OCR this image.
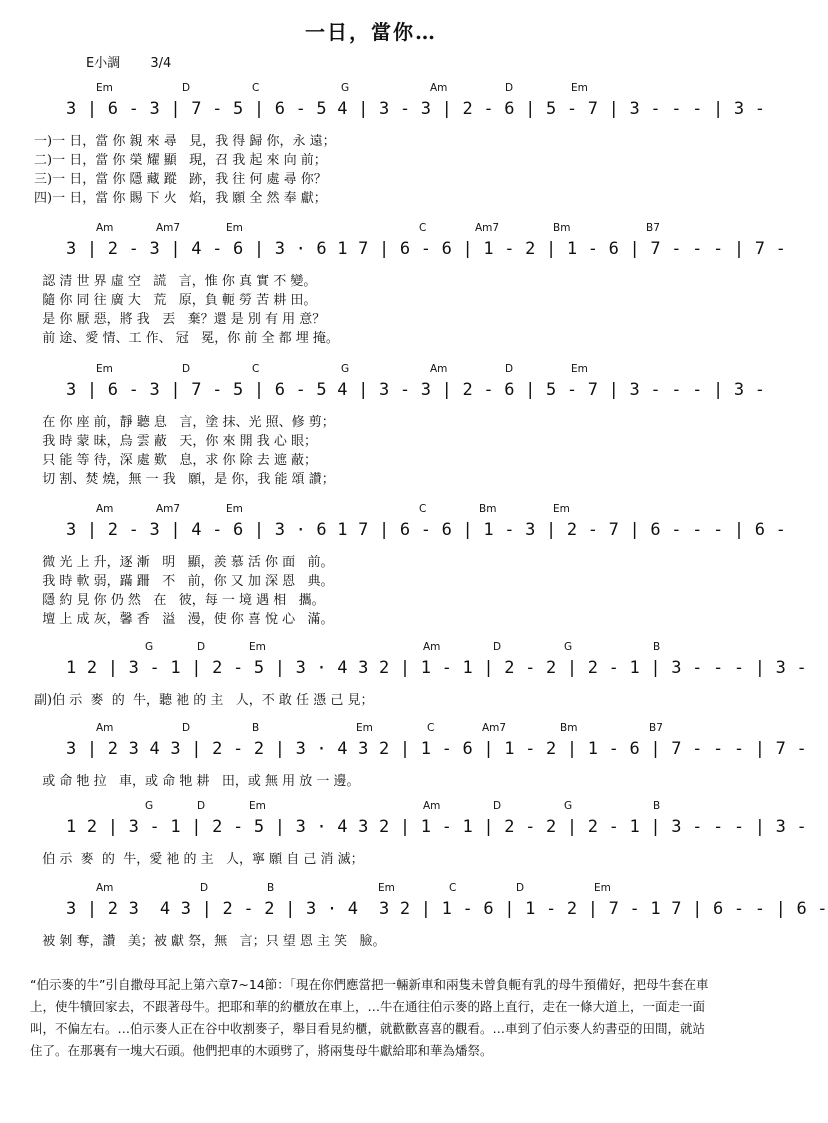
一日，當你…
E小調 3/4
Em	D	C	G	Am	D	Em
3 | 6 - 3 | 7 - 5 | 6 - 5 4 | 3 - 3 | 2 - 6 | 5 - 7 | 3 - - - | 3 -
一)一 日，當 你 親 來 尋   見，我 得 歸 你，永 遠；
二)一 日，當 你 榮 耀 顯   現，召 我 起 來 向 前；
三)一 日，當 你 隱 藏 蹤   跡，我 往 何 處 尋 你？
四)一 日，當 你 賜 下 火   焰，我 願 全 然 奉 獻；
Am	Am7	Em	C	Am7	Bm	B7
3 | 2 - 3 | 4 - 6 | 3 · 6 1 7 | 6 - 6 | 1 - 2 | 1 - 6 | 7 - - - | 7 -
認 清 世 界 虛 空   謊   言，惟 你 真 實 不 變。
隨 你 同 往 廣 大   荒   原，負 軛 勞 苦 耕 田。
是 你 厭 惡，將 我   丟   棄？還 是 別 有 用 意？
前 途、愛 情、工 作、 冠   冕，你 前 全 都 埋 掩。
Em	D	C	G	Am	D	Em
3 | 6 - 3 | 7 - 5 | 6 - 5 4 | 3 - 3 | 2 - 6 | 5 - 7 | 3 - - - | 3 -
在 你 座 前，靜 聽 息   言，塗 抹、光 照、修 剪；
我 時 蒙 昧，烏 雲 蔽   天，你 來 開 我 心 眼；
只 能 等 待，深 處 歎   息，求 你 除 去 遮 蔽；
切 割、焚 燒，無 一 我   願，是 你，我 能 頌 讚；
Am	Am7	Em	C	Bm	Em
3 | 2 - 3 | 4 - 6 | 3 · 6 1 7 | 6 - 6 | 1 - 3 | 2 - 7 | 6 - - - | 6 -
微 光 上 升，逐 漸   明   顯，羨 慕 活 你 面   前。
我 時 軟 弱，蹣 跚   不   前，你 又 加 深 恩   典。
隱 約 見 你 仍 然   在   彼，每 一 境 遇 相   攜。
壇 上 成 灰，馨 香   溢   漫，使 你 喜 悅 心   滿。
G	D	Em	Am	D	G	B
1 2 | 3 - 1 | 2 - 5 | 3 · 4 3 2 | 1 - 1 | 2 - 2 | 2 - 1 | 3 - - - | 3 -
副)伯 示  麥  的  牛，聽 祂 的 主   人，不 敢 任 憑 己 見；
Am	D	B	Em	C	Am7	Bm	B7
3 | 2 3 4 3 | 2 - 2 | 3 · 4 3 2 | 1 - 6 | 1 - 2 | 1 - 6 | 7 - - - | 7 -
或 命 牠 拉   車，或 命 牠 耕   田，或 無 用 放 一 邊。
G	D	Em	Am	D	G	B
1 2 | 3 - 1 | 2 - 5 | 3 · 4 3 2 | 1 - 1 | 2 - 2 | 2 - 1 | 3 - - - | 3 -
伯 示  麥  的  牛，愛 祂 的 主   人，寧 願 自 己 消 滅；
Am	D	B	Em	C	D	Em
3 | 2 3  4 3 | 2 - 2 | 3 · 4  3 2 | 1 - 6 | 1 - 2 | 7 - 1 7 | 6 - - | 6 -
被 剝 奪，讚   美；被 獻 祭，無   言；只 望 恩 主 笑   臉。
“伯示麥的牛”引自撒母耳記上第六章7~14節：「現在你們應當把一輛新車和兩隻未曾負軛有乳的母牛預備好，把母牛套在車上，使牛犢回家去，不跟著母牛。把耶和華的約櫃放在車上，…牛在通往伯示麥的路上直行，走在一條大道上，一面走一面叫，不偏左右。…伯示麥人正在谷中收割麥子，舉目看見約櫃，就歡歡喜喜的觀看。…車到了伯示麥人約書亞的田間，就站住了。在那裏有一塊大石頭。他們把車的木頭劈了，將兩隻母牛獻給耶和華為燔祭。
